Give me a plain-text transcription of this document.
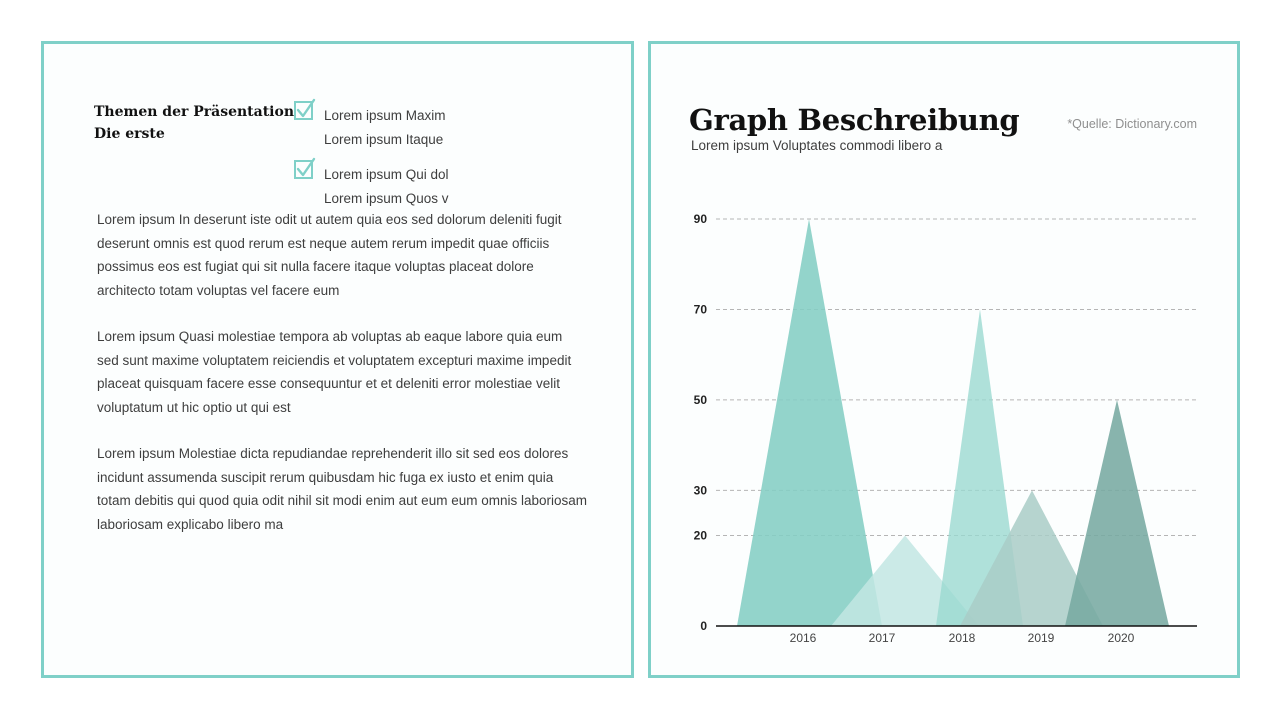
Themen der Präsentation
Die erste
Lorem ipsum Maxim
Lorem ipsum Itaque
Lorem ipsum Qui dol
Lorem ipsum Quos v

Lorem ipsum In deserunt iste odit ut autem quia eos sed dolorum deleniti fugit deserunt omnis est quod rerum est neque autem rerum impedit quae officiis possimus eos est fugiat qui sit nulla facere itaque voluptas placeat dolore architecto totam voluptas vel facere eum

Lorem ipsum Quasi molestiae tempora ab voluptas ab eaque labore quia eum sed sunt maxime voluptatem reiciendis et voluptatem excepturi maxime impedit placeat quisquam facere esse consequuntur et et deleniti error molestiae velit voluptatum ut hic optio ut qui est

Lorem ipsum Molestiae dicta repudiandae reprehenderit illo sit sed eos dolores incidunt assumenda suscipit rerum quibusdam hic fuga ex iusto et enim quia totam debitis qui quod quia odit nihil sit modi enim aut eum eum omnis laboriosam laboriosam explicabo libero ma

Graph Beschreibung
Lorem ipsum Voluptates commodi libero a
*Quelle: Dictionary.com
0
20
30
50
70
90
2016	2017	2018	2019	2020
